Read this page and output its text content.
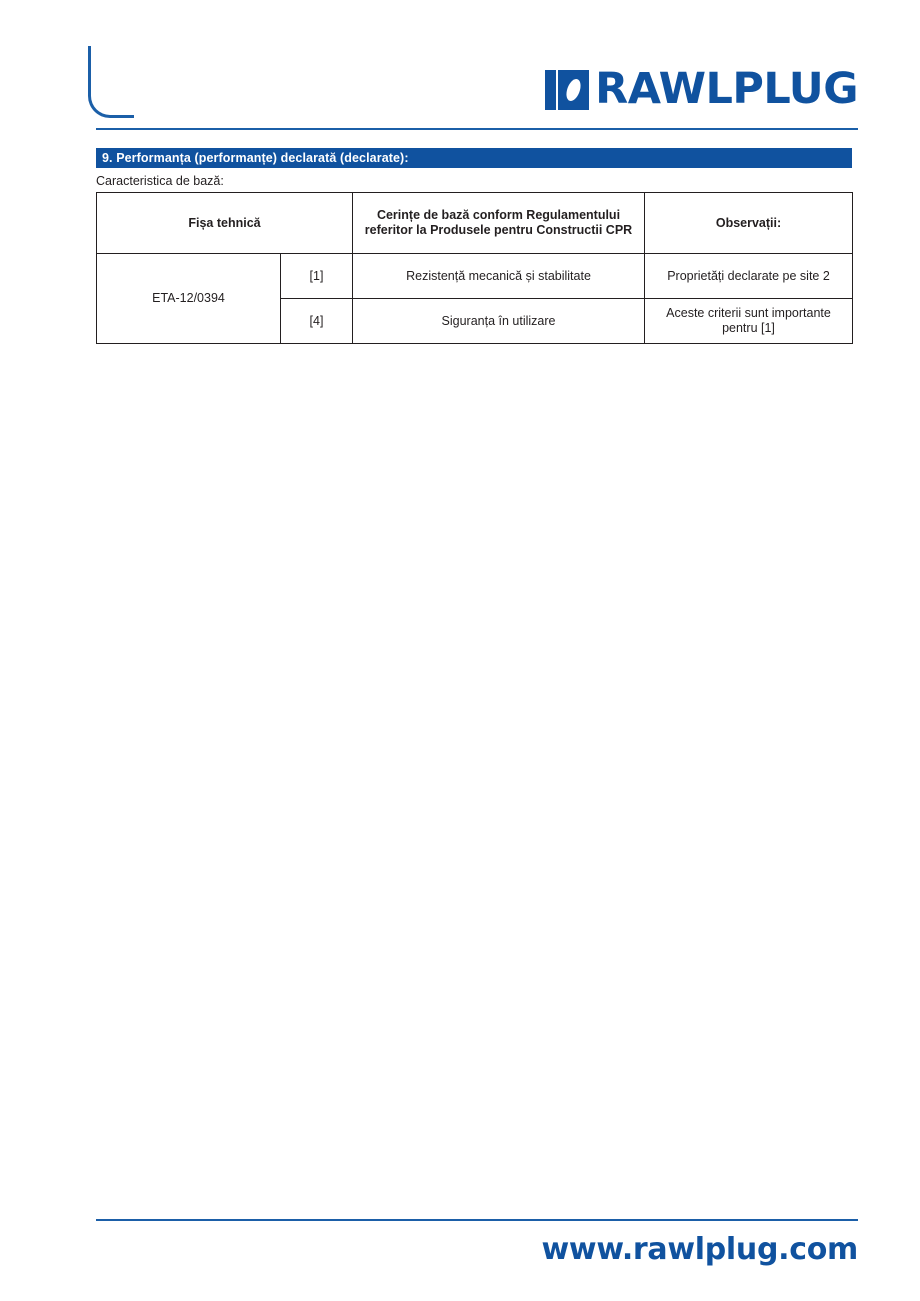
RAWLPLUG
9. Performanța (performanțe) declarată (declarate):
Caracteristica de bază:
Fișa tehnică		Cerințe de bază conform Regulamentului referitor la Produsele pentru Constructii CPR	Observații:
ETA-12/0394	[1]	Rezistență mecanică și stabilitate	Proprietăți declarate pe site 2
	[4]	Siguranța în utilizare	Aceste criterii sunt importante pentru [1]
www.rawlplug.com
